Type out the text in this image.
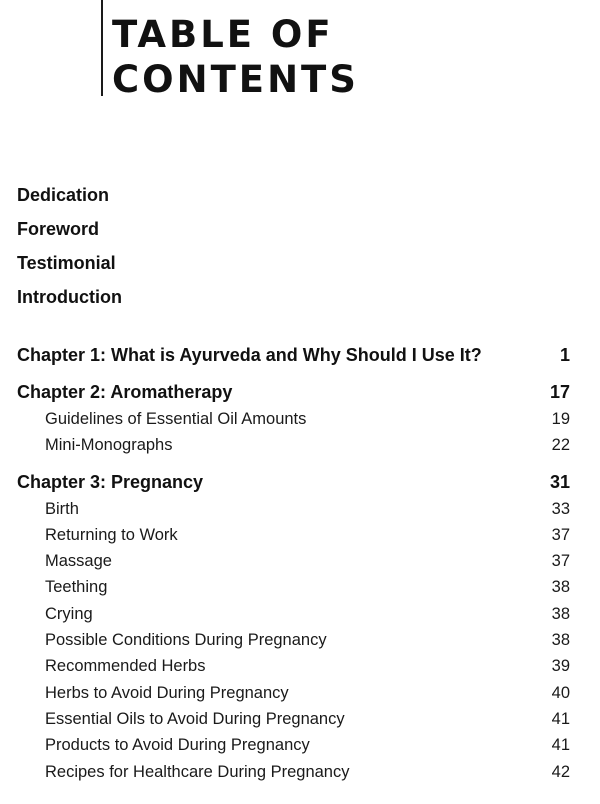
TABLE OF
CONTENTS
Dedication
Foreword
Testimonial
Introduction
Chapter 1: What is Ayurveda and Why Should I Use It?	1
Chapter 2: Aromatherapy	17
Guidelines of Essential Oil Amounts	19
Mini-Monographs	22
Chapter 3: Pregnancy	31
Birth	33
Returning to Work	37
Massage	37
Teething	38
Crying	38
Possible Conditions During Pregnancy	38
Recommended Herbs	39
Herbs to Avoid During Pregnancy	40
Essential Oils to Avoid During Pregnancy	41
Products to Avoid During Pregnancy	41
Recipes for Healthcare During Pregnancy	42
